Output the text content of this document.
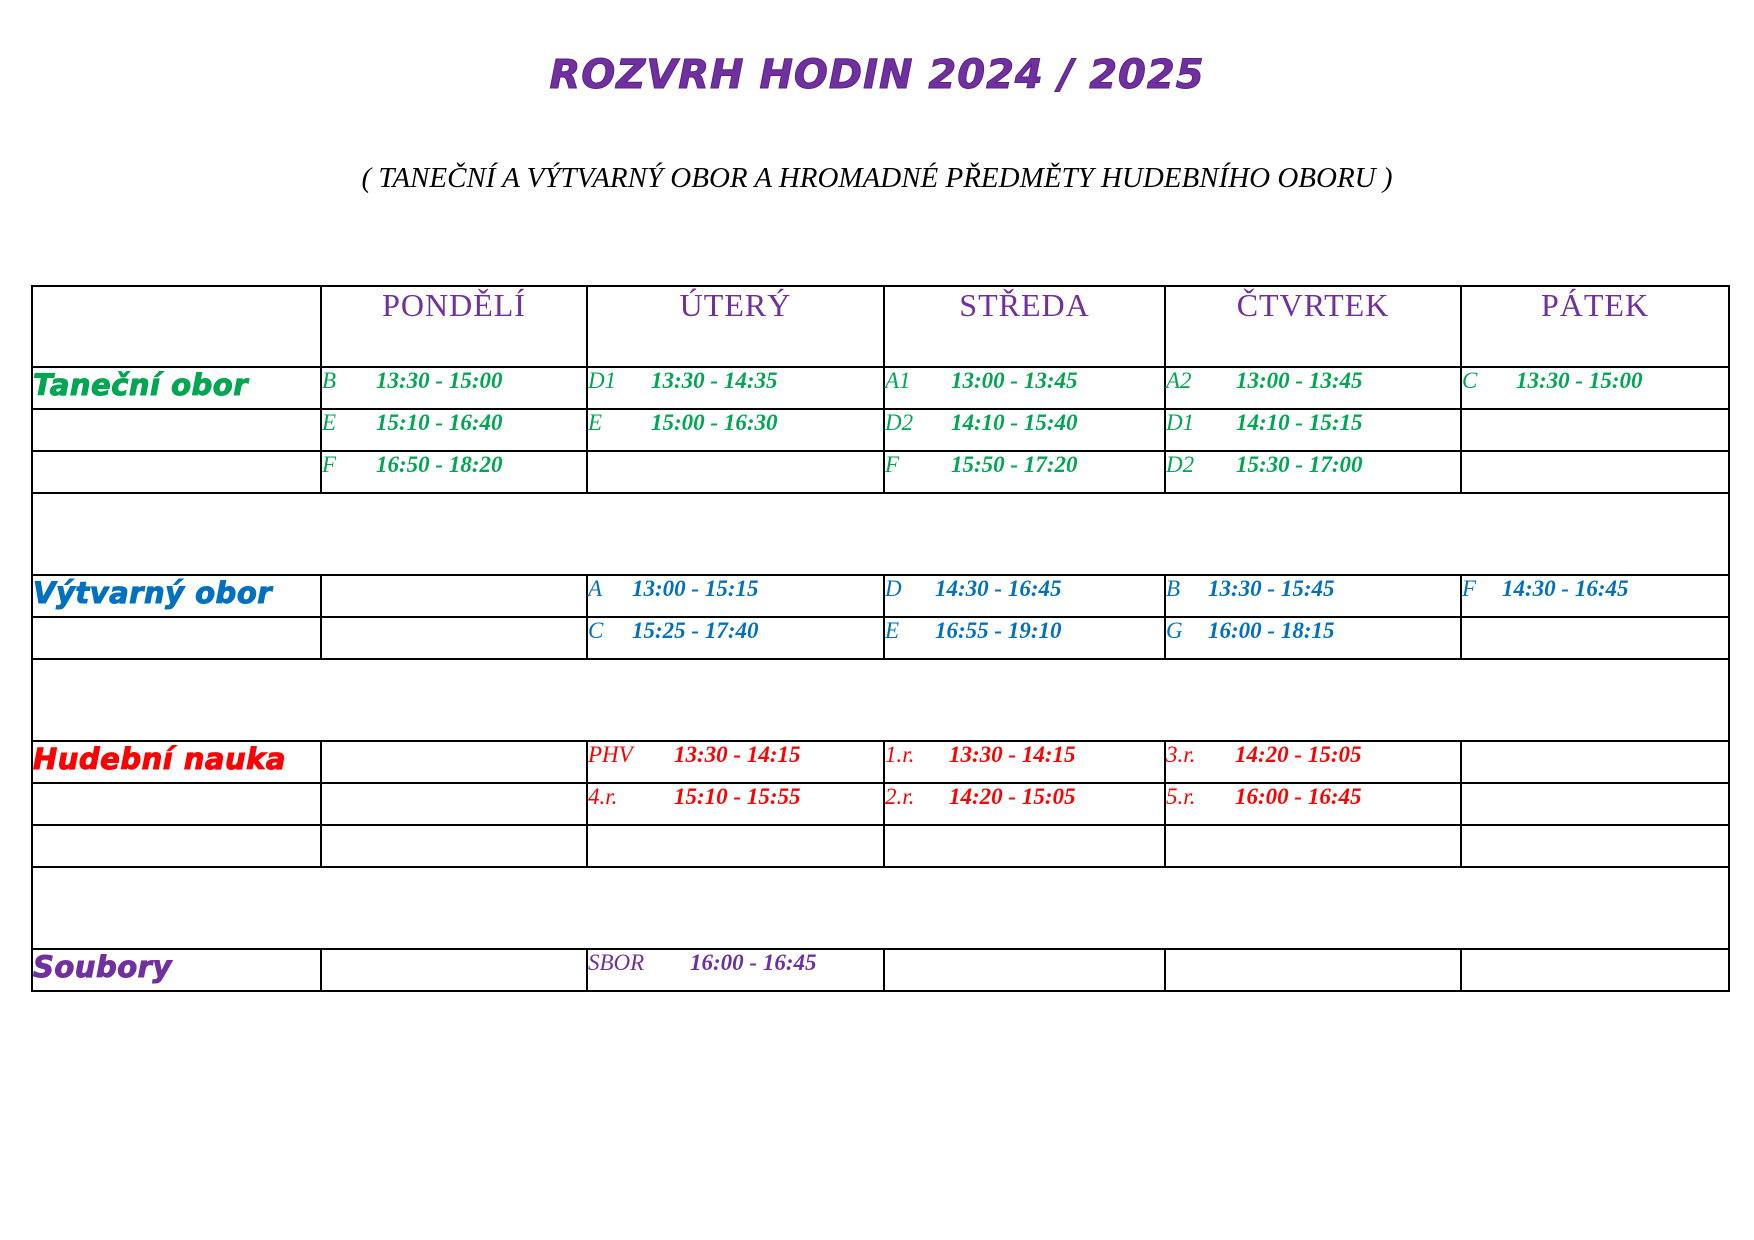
ROZVRH HODIN 2024 / 2025
( TANEČNÍ A VÝTVARNÝ OBOR A HROMADNÉ PŘEDMĚTY HUDEBNÍHO OBORU )
	PONDĚLÍ	ÚTERÝ	STŘEDA	ČTVRTEK	PÁTEK
Taneční obor	B 13:30 - 15:00	D1 13:30 - 14:35	A1 13:00 - 13:45	A2 13:00 - 13:45	C 13:30 - 15:00
	E 15:10 - 16:40	E 15:00 - 16:30	D2 14:10 - 15:40	D1 14:10 - 15:15	
	F 16:50 - 18:20		F 15:50 - 17:20	D2 15:30 - 17:00	

Výtvarný obor		A 13:00 - 15:15	D 14:30 - 16:45	B 13:30 - 15:45	F 14:30 - 16:45
		C 15:25 - 17:40	E 16:55 - 19:10	G 16:00 - 18:15	

Hudební nauka		PHV 13:30 - 14:15	1.r. 13:30 - 14:15	3.r. 14:20 - 15:05	
		4.r. 15:10 - 15:55	2.r. 14:20 - 15:05	5.r. 16:00 - 16:45	

Soubory		SBOR 16:00 - 16:45			
